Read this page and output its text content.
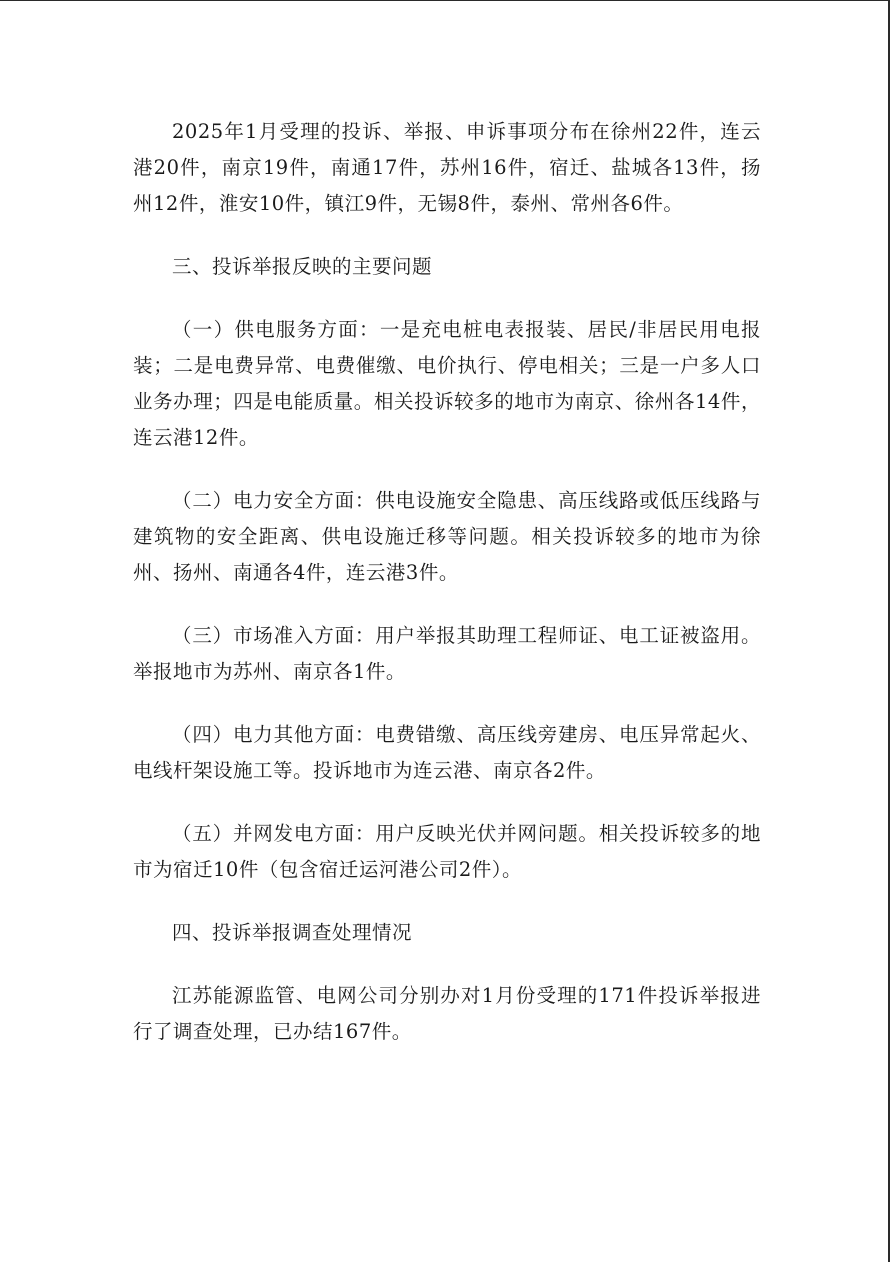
2025年1月受理的投诉、举报、申诉事项分布在徐州22件，连云港20件，南京19件，南通17件，苏州16件，宿迁、盐城各13件，扬州12件，淮安10件，镇江9件，无锡8件，泰州、常州各6件。

三、投诉举报反映的主要问题

（一）供电服务方面：一是充电桩电表报装、居民/非居民用电报装；二是电费异常、电费催缴、电价执行、停电相关；三是一户多人口业务办理；四是电能质量。相关投诉较多的地市为南京、徐州各14件，连云港12件。

（二）电力安全方面：供电设施安全隐患、高压线路或低压线路与建筑物的安全距离、供电设施迁移等问题。相关投诉较多的地市为徐州、扬州、南通各4件，连云港3件。

（三）市场准入方面：用户举报其助理工程师证、电工证被盗用。举报地市为苏州、南京各1件。

（四）电力其他方面：电费错缴、高压线旁建房、电压异常起火、电线杆架设施工等。投诉地市为连云港、南京各2件。

（五）并网发电方面：用户反映光伏并网问题。相关投诉较多的地市为宿迁10件（包含宿迁运河港公司2件）。

四、投诉举报调查处理情况

江苏能源监管、电网公司分别办对1月份受理的171件投诉举报进行了调查处理，已办结167件。
